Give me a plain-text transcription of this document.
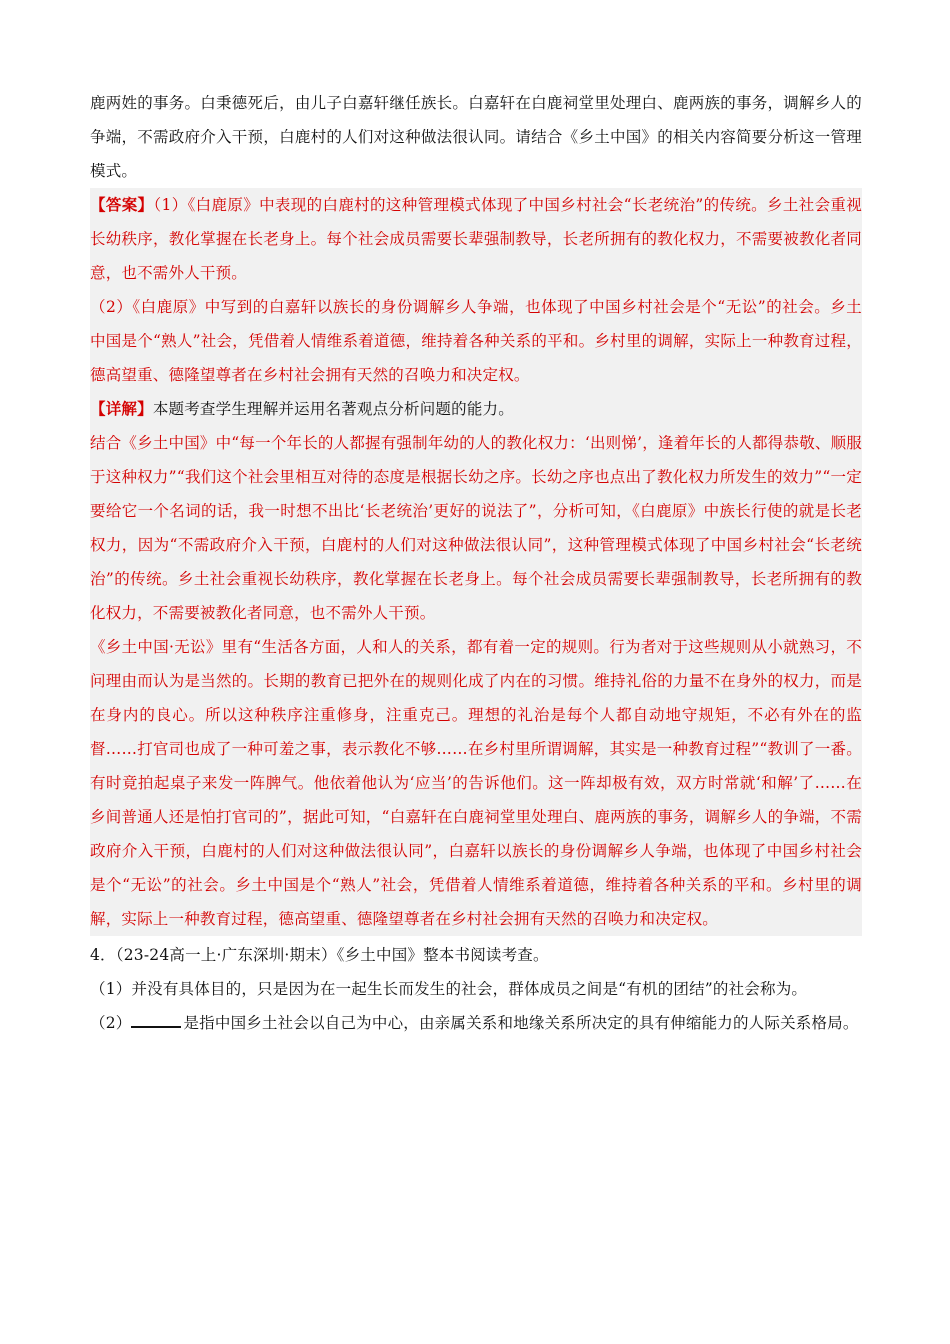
鹿两姓的事务。白秉德死后，由儿子白嘉轩继任族长。白嘉轩在白鹿祠堂里处理白、鹿两族的事务，调解乡人的争端，不需政府介入干预，白鹿村的人们对这种做法很认同。请结合《乡土中国》的相关内容简要分析这一管理模式。

【答案】（1）《白鹿原》中表现的白鹿村的这种管理模式体现了中国乡村社会“长老统治”的传统。乡土社会重视长幼秩序，教化掌握在长老身上。每个社会成员需要长辈强制教导，长老所拥有的教化权力，不需要被教化者同意，也不需外人干预。

（2）《白鹿原》中写到的白嘉轩以族长的身份调解乡人争端，也体现了中国乡村社会是个“无讼”的社会。乡土中国是个“熟人”社会，凭借着人情维系着道德，维持着各种关系的平和。乡村里的调解，实际上一种教育过程，德高望重、德隆望尊者在乡村社会拥有天然的召唤力和决定权。

【详解】本题考查学生理解并运用名著观点分析问题的能力。

结合《乡土中国》中“每一个年长的人都握有强制年幼的人的教化权力：‘出则悌’，逢着年长的人都得恭敬、顺服于这种权力”“我们这个社会里相互对待的态度是根据长幼之序。长幼之序也点出了教化权力所发生的效力”“一定要给它一个名词的话，我一时想不出比‘长老统治’更好的说法了”，分析可知，《白鹿原》中族长行使的就是长老权力，因为“不需政府介入干预，白鹿村的人们对这种做法很认同”，这种管理模式体现了中国乡村社会“长老统治”的传统。乡土社会重视长幼秩序，教化掌握在长老身上。每个社会成员需要长辈强制教导，长老所拥有的教化权力，不需要被教化者同意，也不需外人干预。

《乡土中国·无讼》里有“生活各方面，人和人的关系，都有着一定的规则。行为者对于这些规则从小就熟习，不问理由而认为是当然的。长期的教育已把外在的规则化成了内在的习惯。维持礼俗的力量不在身外的权力，而是在身内的良心。所以这种秩序注重修身，注重克己。理想的礼治是每个人都自动地守规矩，不必有外在的监督……打官司也成了一种可羞之事，表示教化不够……在乡村里所谓调解，其实是一种教育过程”“教训了一番。有时竟拍起桌子来发一阵脾气。他依着他认为‘应当’的告诉他们。这一阵却极有效，双方时常就‘和解’了……在乡间普通人还是怕打官司的”，据此可知，“白嘉轩在白鹿祠堂里处理白、鹿两族的事务，调解乡人的争端，不需政府介入干预，白鹿村的人们对这种做法很认同”，白嘉轩以族长的身份调解乡人争端，也体现了中国乡村社会是个“无讼”的社会。乡土中国是个“熟人”社会，凭借着人情维系着道德，维持着各种关系的平和。乡村里的调解，实际上一种教育过程，德高望重、德隆望尊者在乡村社会拥有天然的召唤力和决定权。

4．（23-24高一上·广东深圳·期末）《乡土中国》整本书阅读考查。

（1）并没有具体目的，只是因为在一起生长而发生的社会，群体成员之间是“有机的团结”的社会称为。

（2）	是指中国乡土社会以自己为中心，由亲属关系和地缘关系所决定的具有伸缩能力的人际关系格局。
